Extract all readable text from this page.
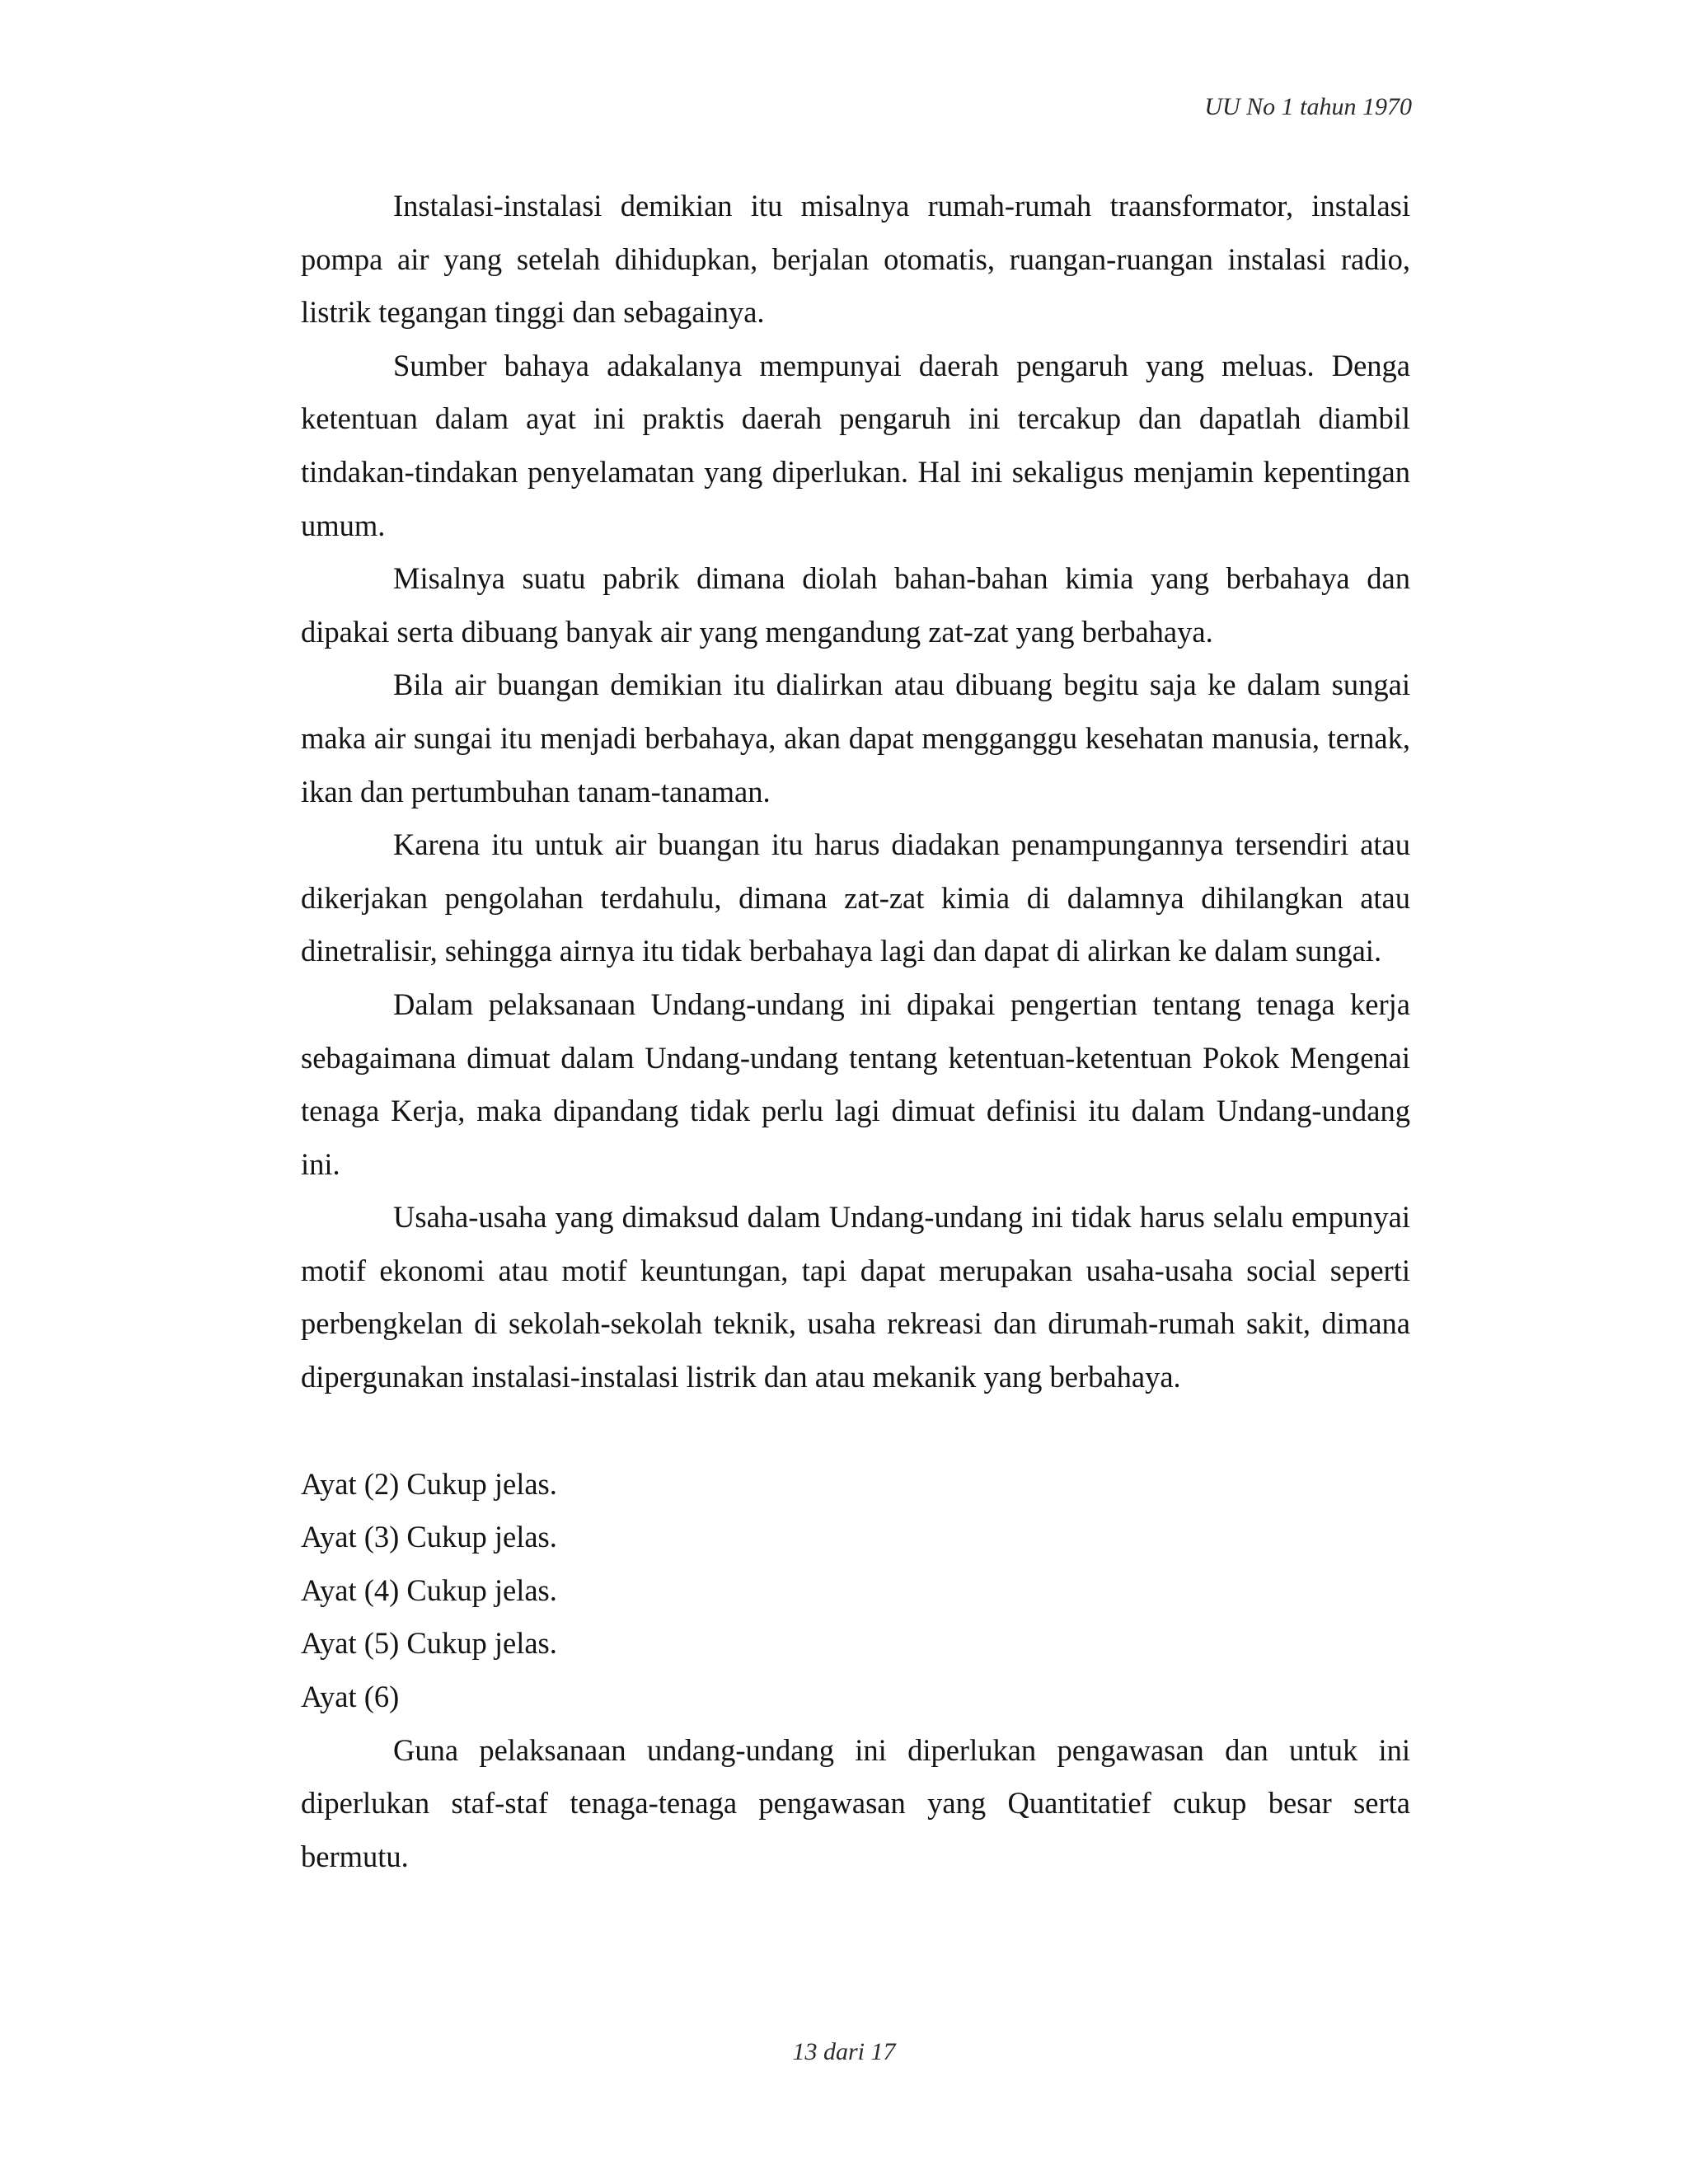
UU No 1 tahun 1970

Instalasi-instalasi demikian itu misalnya rumah-rumah traansformator, instalasi pompa air yang setelah dihidupkan, berjalan otomatis, ruangan-ruangan instalasi radio, listrik tegangan tinggi dan sebagainya.

Sumber bahaya adakalanya mempunyai daerah pengaruh yang meluas. Denga ketentuan dalam ayat ini praktis daerah pengaruh ini tercakup dan dapatlah diambil tindakan-tindakan penyelamatan yang diperlukan. Hal ini sekaligus menjamin kepentingan umum.

Misalnya suatu pabrik dimana diolah bahan-bahan kimia yang berbahaya dan dipakai serta dibuang banyak air yang mengandung zat-zat yang berbahaya.

Bila air buangan demikian itu dialirkan atau dibuang begitu saja ke dalam sungai maka air sungai itu menjadi berbahaya, akan dapat mengganggu kesehatan manusia, ternak, ikan dan pertumbuhan tanam-tanaman.

Karena itu untuk air buangan itu harus diadakan penampungannya tersendiri atau dikerjakan pengolahan terdahulu, dimana zat-zat kimia di dalamnya dihilangkan atau dinetralisir, sehingga airnya itu tidak berbahaya lagi dan dapat di alirkan ke dalam sungai.

Dalam pelaksanaan Undang-undang ini dipakai pengertian tentang tenaga kerja sebagaimana dimuat dalam Undang-undang tentang ketentuan-ketentuan Pokok Mengenai tenaga Kerja, maka dipandang tidak perlu lagi dimuat definisi itu dalam Undang-undang ini.

Usaha-usaha yang dimaksud dalam Undang-undang ini tidak harus selalu empunyai motif ekonomi atau motif keuntungan, tapi dapat merupakan usaha-usaha social seperti perbengkelan di sekolah-sekolah teknik, usaha rekreasi dan dirumah-rumah sakit, dimana dipergunakan instalasi-instalasi listrik dan atau mekanik yang berbahaya.

Ayat (2) Cukup jelas.
Ayat (3) Cukup jelas.
Ayat (4) Cukup jelas.
Ayat (5) Cukup jelas.
Ayat (6)

Guna pelaksanaan undang-undang ini diperlukan pengawasan dan untuk ini diperlukan staf-staf tenaga-tenaga pengawasan yang Quantitatief cukup besar serta bermutu.

13 dari 17
